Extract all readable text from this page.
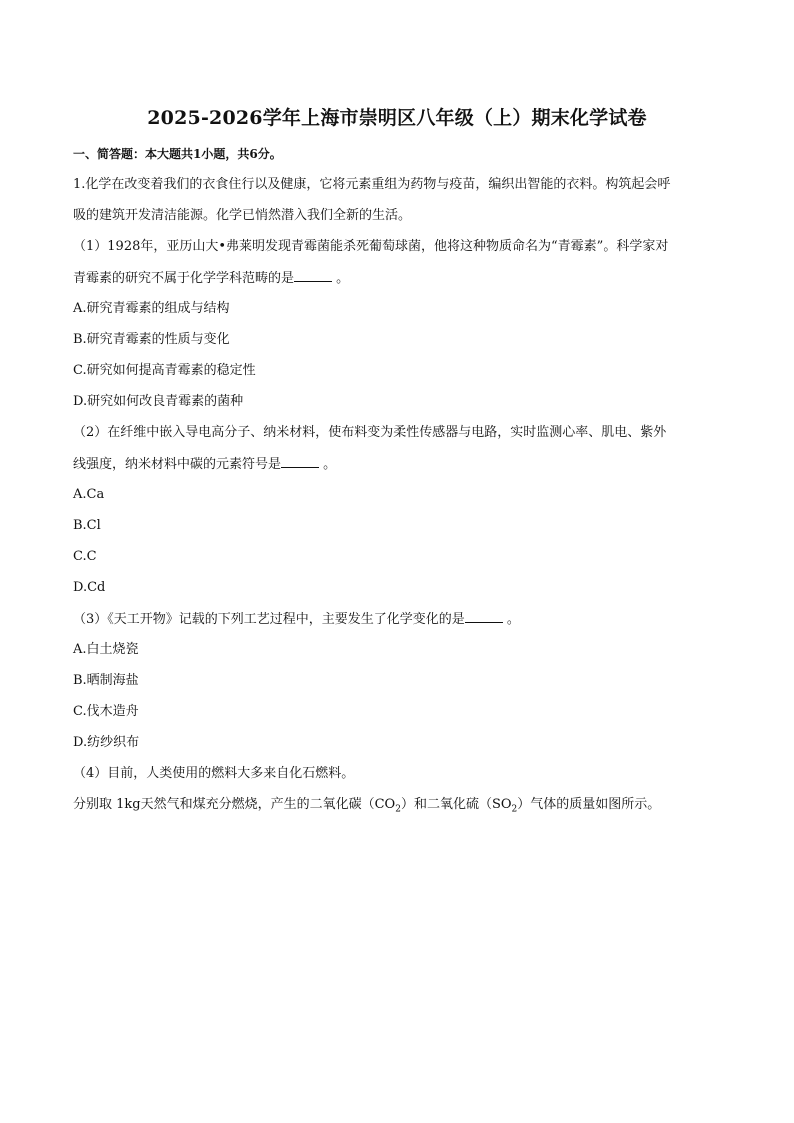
2025-2026学年上海市崇明区八年级（上）期末化学试卷

一、简答题：本大题共1小题，共6分。

1.化学在改变着我们的衣食住行以及健康，它将元素重组为药物与疫苗，编织出智能的衣料。构筑起会呼

吸的建筑开发清洁能源。化学已悄然潜入我们全新的生活。

（1）1928年，亚历山大•弗莱明发现青霉菌能杀死葡萄球菌，他将这种物质命名为“青霉素”。科学家对

青霉素的研究不属于化学学科范畴的是	。

A.研究青霉素的组成与结构

B.研究青霉素的性质与变化

C.研究如何提高青霉素的稳定性

D.研究如何改良青霉素的菌种

（2）在纤维中嵌入导电高分子、纳米材料，使布料变为柔性传感器与电路，实时监测心率、肌电、紫外

线强度，纳米材料中碳的元素符号是	。

A.Ca

B.Cl

C.C

D.Cd

（3）《天工开物》记载的下列工艺过程中，主要发生了化学变化的是	。

A.白土烧瓷

B.晒制海盐

C.伐木造舟

D.纺纱织布

（4）目前，人类使用的燃料大多来自化石燃料。

分别取 1kg天然气和煤充分燃烧，产生的二氧化碳$(CO_2)$和二氧化硫$(SO_2)$气体的质量如图所示。
